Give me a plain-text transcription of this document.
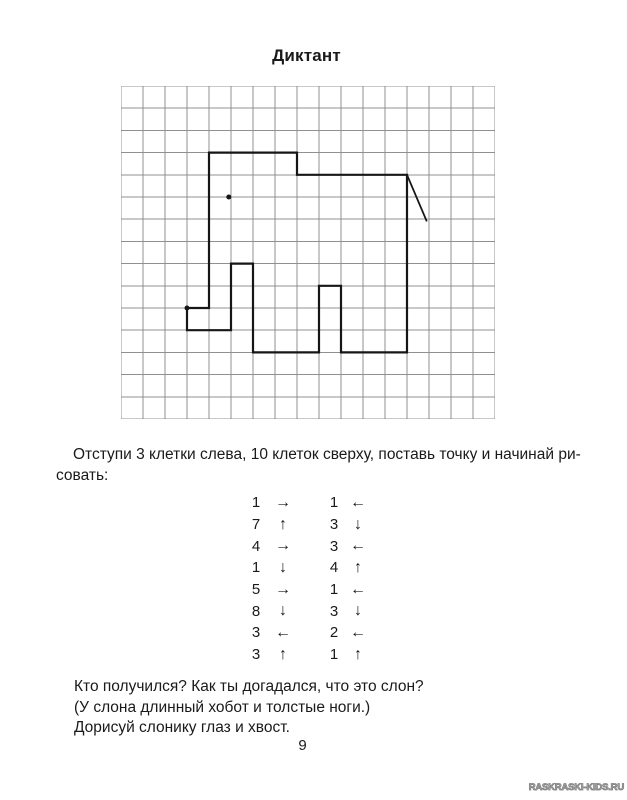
Диктант
Отступи 3 клетки слева, 10 клеток сверху, поставь точку и начинай ри-
совать:
1 →	1 ←
7	↑	3 ↓
4 →	3 ←
1	↓	4 ↑
5 →	1 ←
8	↓	3 ↓
3 ←	2 ←
3	↑	1 ↑
Кто получился? Как ты догадался, что это слон?
(У слона длинный хобот и толстые ноги.)
Дорисуй слонику глаз и хвост.
9
RASKRASKI-KIDS.RU
